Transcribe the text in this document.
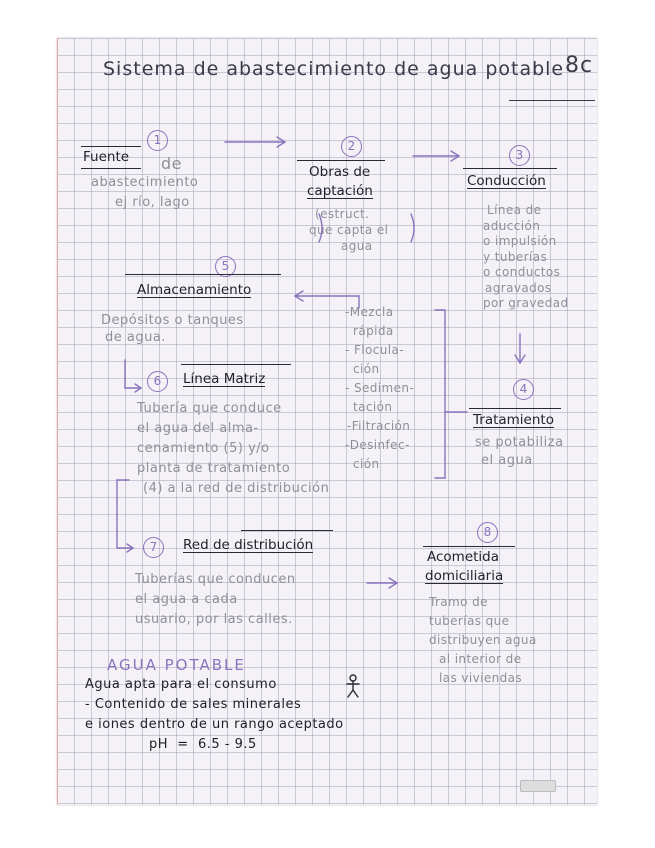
Sistema de abastecimiento de agua potable 8c

1

Fuente de

abastecimiento

ej río, lago

2

Obras de

captación

(estruct.

que capta el

agua

3

Conducción

Línea de

aducción

o impulsión

y tuberías

o conductos

agravados

por gravedad

5

Almacenamiento

Depósitos o tanques

de agua.

-Mezcla

rápida

- Flocula-

ción

- Sedimen-

tación

-Filtración

-Desinfec-

ción

4

Tratamiento

se potabiliza

el agua

6	Línea Matriz

Tubería que conduce

el agua del alma-

cenamiento (5) y/o

planta de tratamiento

(4) a la red de distribución

7	Red de distribución

Tuberías que conducen

el agua a cada

usuario, por las calles.

8

Acometida

domiciliaria

Tramo de

tuberías que

distribuyen agua

al interior de

las viviendas

AGUA POTABLE

Agua apta para el consumo

- Contenido de sales minerales

e iones dentro de un rango aceptado

pH  =  6.5 - 9.5
